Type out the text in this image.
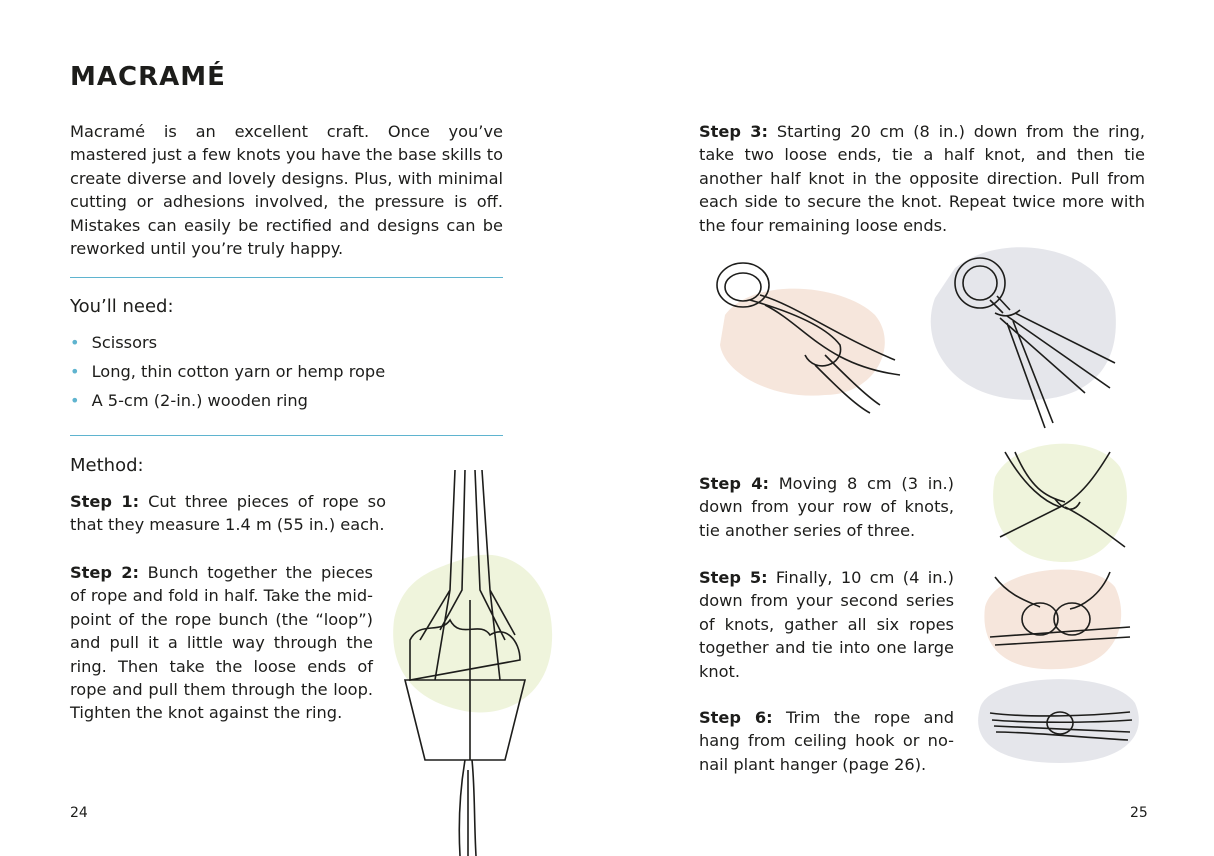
MACRAMÉ

Macramé is an excellent craft. Once you’ve mastered just a few knots you have the base skills to create diverse and lovely designs. Plus, with minimal cutting or adhesions involved, the pressure is off. Mistakes can easily be rectified and designs can be reworked until you’re truly happy.

You’ll need:
• Scissors
• Long, thin cotton yarn or hemp rope
• A 5-cm (2-in.) wooden ring
Method:

Step 1: Cut three pieces of rope so that they measure 1.4 m (55 in.) each.

Step 2: Bunch together the pieces of rope and fold in half. Take the mid-point of the rope bunch (the “loop”) and pull it a little way through the ring. Then take the loose ends of rope and pull them through the loop. Tighten the knot against the ring.

24

Step 3: Starting 20 cm (8 in.) down from the ring, take two loose ends, tie a half knot, and then tie another half knot in the opposite direction. Pull from each side to secure the knot. Repeat twice more with the four remaining loose ends.

Step 4: Moving 8 cm (3 in.) down from your row of knots, tie another series of three.

Step 5: Finally, 10 cm (4 in.) down from your second series of knots, gather all six ropes together and tie into one large knot.

Step 6: Trim the rope and hang from ceiling hook or no-nail plant hanger (page 26).

25
